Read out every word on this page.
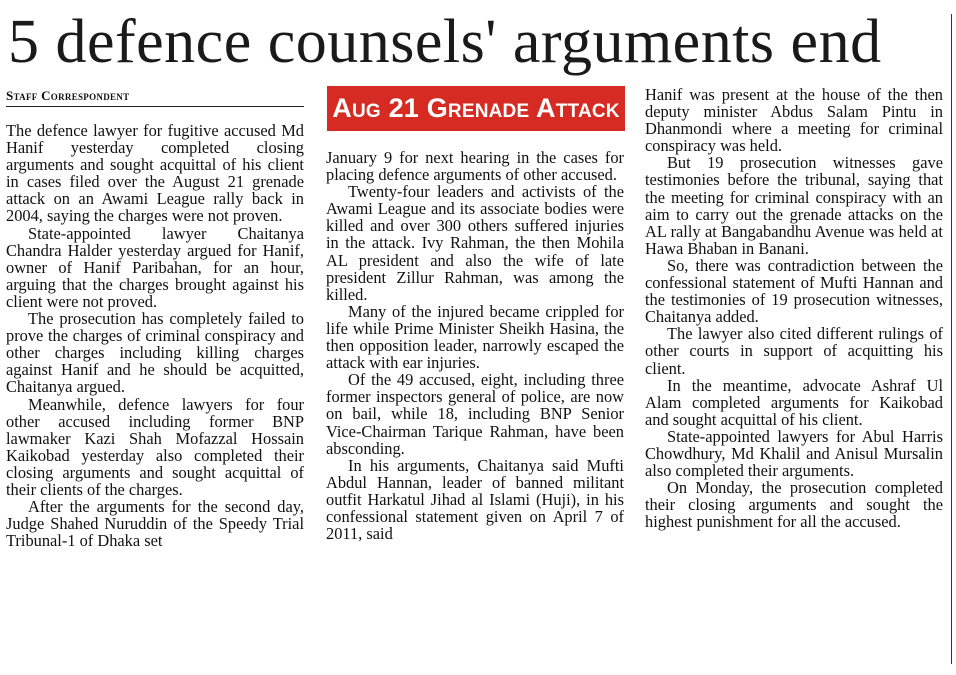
5 defence counsels' arguments end
Staff Correspondent	Aug 21 Grenade Attack

The defence lawyer for fugitive accused Md Hanif yesterday completed closing arguments and sought acquittal of his client in cases filed over the August 21 grenade attack on an Awami League rally back in 2004, saying the charges were not proven.

State-appointed lawyer Chaitanya Chandra Halder yesterday argued for Hanif, owner of Hanif Paribahan, for an hour, arguing that the charges brought against his client were not proved.

The prosecution has completely failed to prove the charges of criminal conspiracy and other charges including killing charges against Hanif and he should be acquitted, Chaitanya argued.

Meanwhile, defence lawyers for four other accused including former BNP lawmaker Kazi Shah Mofazzal Hossain Kaikobad yesterday also completed their closing arguments and sought acquittal of their clients of the charges.

After the arguments for the second day, Judge Shahed Nuruddin of the Speedy Trial Tribunal-1 of Dhaka set

January 9 for next hearing in the cases for placing defence arguments of other accused.

Twenty-four leaders and activists of the Awami League and its associate bodies were killed and over 300 others suffered injuries in the attack. Ivy Rahman, the then Mohila AL president and also the wife of late president Zillur Rahman, was among the killed.

Many of the injured became crippled for life while Prime Minister Sheikh Hasina, the then opposition leader, narrowly escaped the attack with ear injuries.

Of the 49 accused, eight, including three former inspectors general of police, are now on bail, while 18, including BNP Senior Vice-Chairman Tarique Rahman, have been absconding.

In his arguments, Chaitanya said Mufti Abdul Hannan, leader of banned militant outfit Harkatul Jihad al Islami (Huji), in his confessional statement given on April 7 of 2011, said

Hanif was present at the house of the then deputy minister Abdus Salam Pintu in Dhanmondi where a meeting for criminal conspiracy was held.

But 19 prosecution witnesses gave testimonies before the tribunal, saying that the meeting for criminal conspiracy with an aim to carry out the grenade attacks on the AL rally at Bangabandhu Avenue was held at Hawa Bhaban in Banani.

So, there was contradiction between the confessional statement of Mufti Hannan and the testimonies of 19 prosecution witnesses, Chaitanya added.

The lawyer also cited different rulings of other courts in support of acquitting his client.

In the meantime, advocate Ashraf Ul Alam completed arguments for Kaikobad and sought acquittal of his client.

State-appointed lawyers for Abul Harris Chowdhury, Md Khalil and Anisul Mursalin also completed their arguments.

On Monday, the prosecution completed their closing arguments and sought the highest punishment for all the accused.
